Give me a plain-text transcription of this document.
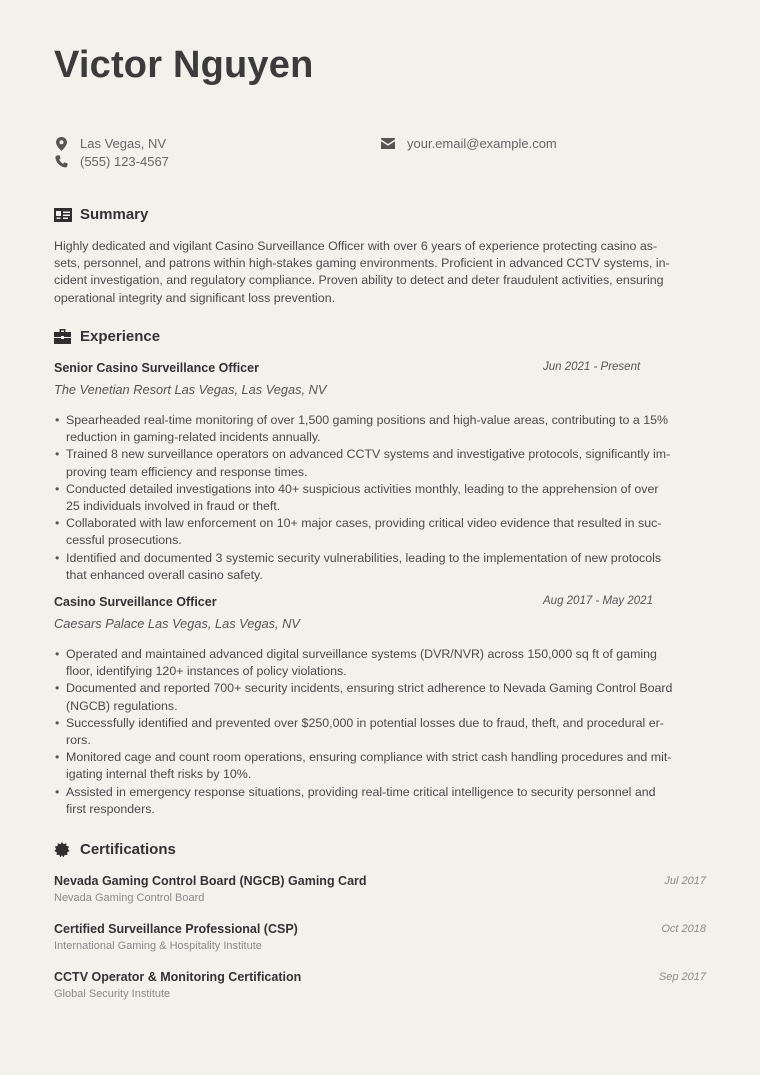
Victor Nguyen
Las Vegas, NV
(555) 123-4567
your.email@example.com
Summary
Highly dedicated and vigilant Casino Surveillance Officer with over 6 years of experience protecting casino as-
sets, personnel, and patrons within high-stakes gaming environments. Proficient in advanced CCTV systems, in-
cident investigation, and regulatory compliance. Proven ability to detect and deter fraudulent activities, ensuring
operational integrity and significant loss prevention.
Experience
Senior Casino Surveillance Officer	Jun 2021 - Present
The Venetian Resort Las Vegas, Las Vegas, NV
• Spearheaded real-time monitoring of over 1,500 gaming positions and high-value areas, contributing to a 15%
reduction in gaming-related incidents annually.
• Trained 8 new surveillance operators on advanced CCTV systems and investigative protocols, significantly im-
proving team efficiency and response times.
• Conducted detailed investigations into 40+ suspicious activities monthly, leading to the apprehension of over
25 individuals involved in fraud or theft.
• Collaborated with law enforcement on 10+ major cases, providing critical video evidence that resulted in suc-
cessful prosecutions.
• Identified and documented 3 systemic security vulnerabilities, leading to the implementation of new protocols
that enhanced overall casino safety.
Casino Surveillance Officer	Aug 2017 - May 2021
Caesars Palace Las Vegas, Las Vegas, NV
• Operated and maintained advanced digital surveillance systems (DVR/NVR) across 150,000 sq ft of gaming
floor, identifying 120+ instances of policy violations.
• Documented and reported 700+ security incidents, ensuring strict adherence to Nevada Gaming Control Board
(NGCB) regulations.
• Successfully identified and prevented over $250,000 in potential losses due to fraud, theft, and procedural er-
rors.
• Monitored cage and count room operations, ensuring compliance with strict cash handling procedures and mit-
igating internal theft risks by 10%.
• Assisted in emergency response situations, providing real-time critical intelligence to security personnel and
first responders.
Certifications
Nevada Gaming Control Board (NGCB) Gaming Card	Jul 2017
Nevada Gaming Control Board
Certified Surveillance Professional (CSP)	Oct 2018
International Gaming & Hospitality Institute
CCTV Operator & Monitoring Certification	Sep 2017
Global Security Institute
